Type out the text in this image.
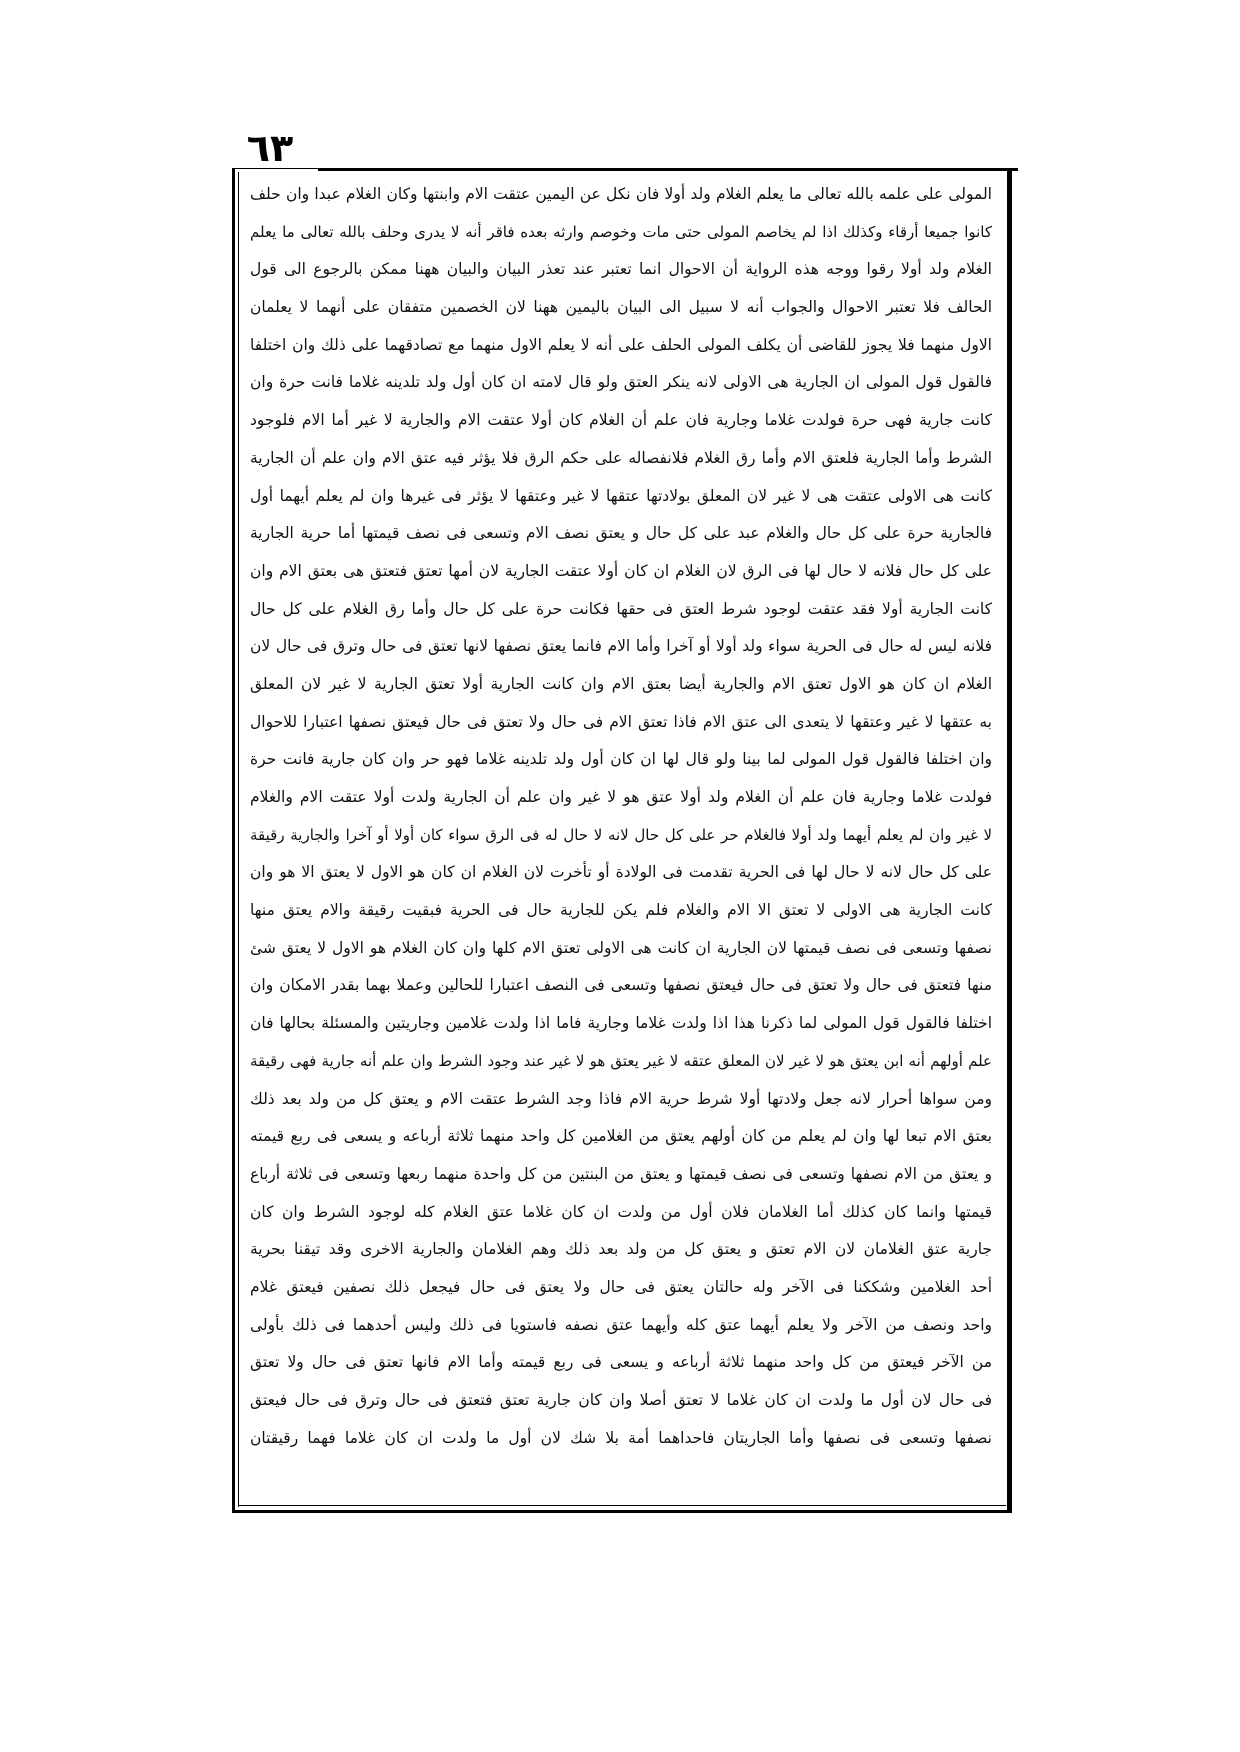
٦٣
المولى على علمه بالله تعالى ما يعلم الغلام ولد أولا فان نكل عن اليمين عتقت الام وابنتها وكان الغلام عبدا وان حلف
كانوا جميعا أرقاء وكذلك اذا لم يخاصم المولى حتى مات وخوصم وارثه بعده فاقر أنه لا يدرى وحلف بالله تعالى ما يعلم
الغلام ولد أولا رقوا ووجه هذه الرواية أن الاحوال انما تعتبر عند تعذر البيان والبيان ههنا ممكن بالرجوع الى قول
الحالف فلا تعتبر الاحوال والجواب أنه لا سبيل الى البيان باليمين ههنا لان الخصمين متفقان على أنهما لا يعلمان
الاول منهما فلا يجوز للقاضى أن يكلف المولى الحلف على أنه لا يعلم الاول منهما مع تصادقهما على ذلك وان اختلفا
فالقول قول المولى ان الجارية هى الاولى لانه ينكر العتق ولو قال لامته ان كان أول ولد تلدينه غلاما فانت حرة وان
كانت جارية فهى حرة فولدت غلاما وجارية فان علم أن الغلام كان أولا عتقت الام والجارية لا غير أما الام فلوجود
الشرط وأما الجارية فلعتق الام وأما رق الغلام فلانفصاله على حكم الرق فلا يؤثر فيه عتق الام وان علم أن الجارية
كانت هى الاولى عتقت هى لا غير لان المعلق بولادتها عتقها لا غير وعتقها لا يؤثر فى غيرها وان لم يعلم أيهما أول
فالجارية حرة على كل حال والغلام عبد على كل حال و يعتق نصف الام وتسعى فى نصف قيمتها أما حرية الجارية
على كل حال فلانه لا حال لها فى الرق لان الغلام ان كان أولا عتقت الجارية لان أمها تعتق فتعتق هى بعتق الام وان
كانت الجارية أولا فقد عتقت لوجود شرط العتق فى حقها فكانت حرة على كل حال وأما رق الغلام على كل حال
فلانه ليس له حال فى الحرية سواء ولد أولا أو آخرا وأما الام فانما يعتق نصفها لانها تعتق فى حال وترق فى حال لان
الغلام ان كان هو الاول تعتق الام والجارية أيضا بعتق الام وان كانت الجارية أولا تعتق الجارية لا غير لان المعلق
به عتقها لا غير وعتقها لا يتعدى الى عتق الام فاذا تعتق الام فى حال ولا تعتق فى حال فيعتق نصفها اعتبارا للاحوال
وان اختلفا فالقول قول المولى لما بينا ولو قال لها ان كان أول ولد تلدينه غلاما فهو حر وان كان جارية فانت حرة
فولدت غلاما وجارية فان علم أن الغلام ولد أولا عتق هو لا غير وان علم أن الجارية ولدت أولا عتقت الام والغلام
لا غير وان لم يعلم أيهما ولد أولا فالغلام حر على كل حال لانه لا حال له فى الرق سواء كان أولا أو آخرا والجارية رقيقة
على كل حال لانه لا حال لها فى الحرية تقدمت فى الولادة أو تأخرت لان الغلام ان كان هو الاول لا يعتق الا هو وان
كانت الجارية هى الاولى لا تعتق الا الام والغلام فلم يكن للجارية حال فى الحرية فبقيت رقيقة والام يعتق منها
نصفها وتسعى فى نصف قيمتها لان الجارية ان كانت هى الاولى تعتق الام كلها وان كان الغلام هو الاول لا يعتق شئ
منها فتعتق فى حال ولا تعتق فى حال فيعتق نصفها وتسعى فى النصف اعتبارا للحالين وعملا بهما بقدر الامكان وان
اختلفا فالقول قول المولى لما ذكرنا هذا اذا ولدت غلاما وجارية فاما اذا ولدت غلامين وجاريتين والمسئلة بحالها فان
علم أولهم أنه ابن يعتق هو لا غير لان المعلق عتقه لا غير يعتق هو لا غير عند وجود الشرط وان علم أنه جارية فهى رقيقة
ومن سواها أحرار لانه جعل ولادتها أولا شرط حرية الام فاذا وجد الشرط عتقت الام و يعتق كل من ولد بعد ذلك
بعتق الام تبعا لها وان لم يعلم من كان أولهم يعتق من الغلامين كل واحد منهما ثلاثة أرباعه و يسعى فى ربع قيمته
و يعتق من الام نصفها وتسعى فى نصف قيمتها و يعتق من البنتين من كل واحدة منهما ربعها وتسعى فى ثلاثة أرباع
قيمتها وانما كان كذلك أما الغلامان فلان أول من ولدت ان كان غلاما عتق الغلام كله لوجود الشرط وان كان
جارية عتق الغلامان لان الام تعتق و يعتق كل من ولد بعد ذلك وهم الغلامان والجارية الاخرى وقد تيقنا بحرية
أحد الغلامين وشككنا فى الآخر وله حالتان يعتق فى حال ولا يعتق فى حال فيجعل ذلك نصفين فيعتق غلام
واحد ونصف من الآخر ولا يعلم أيهما عتق كله وأيهما عتق نصفه فاستويا فى ذلك وليس أحدهما فى ذلك بأولى
من الآخر فيعتق من كل واحد منهما ثلاثة أرباعه و يسعى فى ربع قيمته وأما الام فانها تعتق فى حال ولا تعتق
فى حال لان أول ما ولدت ان كان غلاما لا تعتق أصلا وان كان جارية تعتق فتعتق فى حال وترق فى حال فيعتق
نصفها وتسعى فى نصفها وأما الجاريتان فاحداهما أمة بلا شك لان أول ما ولدت ان كان غلاما فهما رقيقتان
